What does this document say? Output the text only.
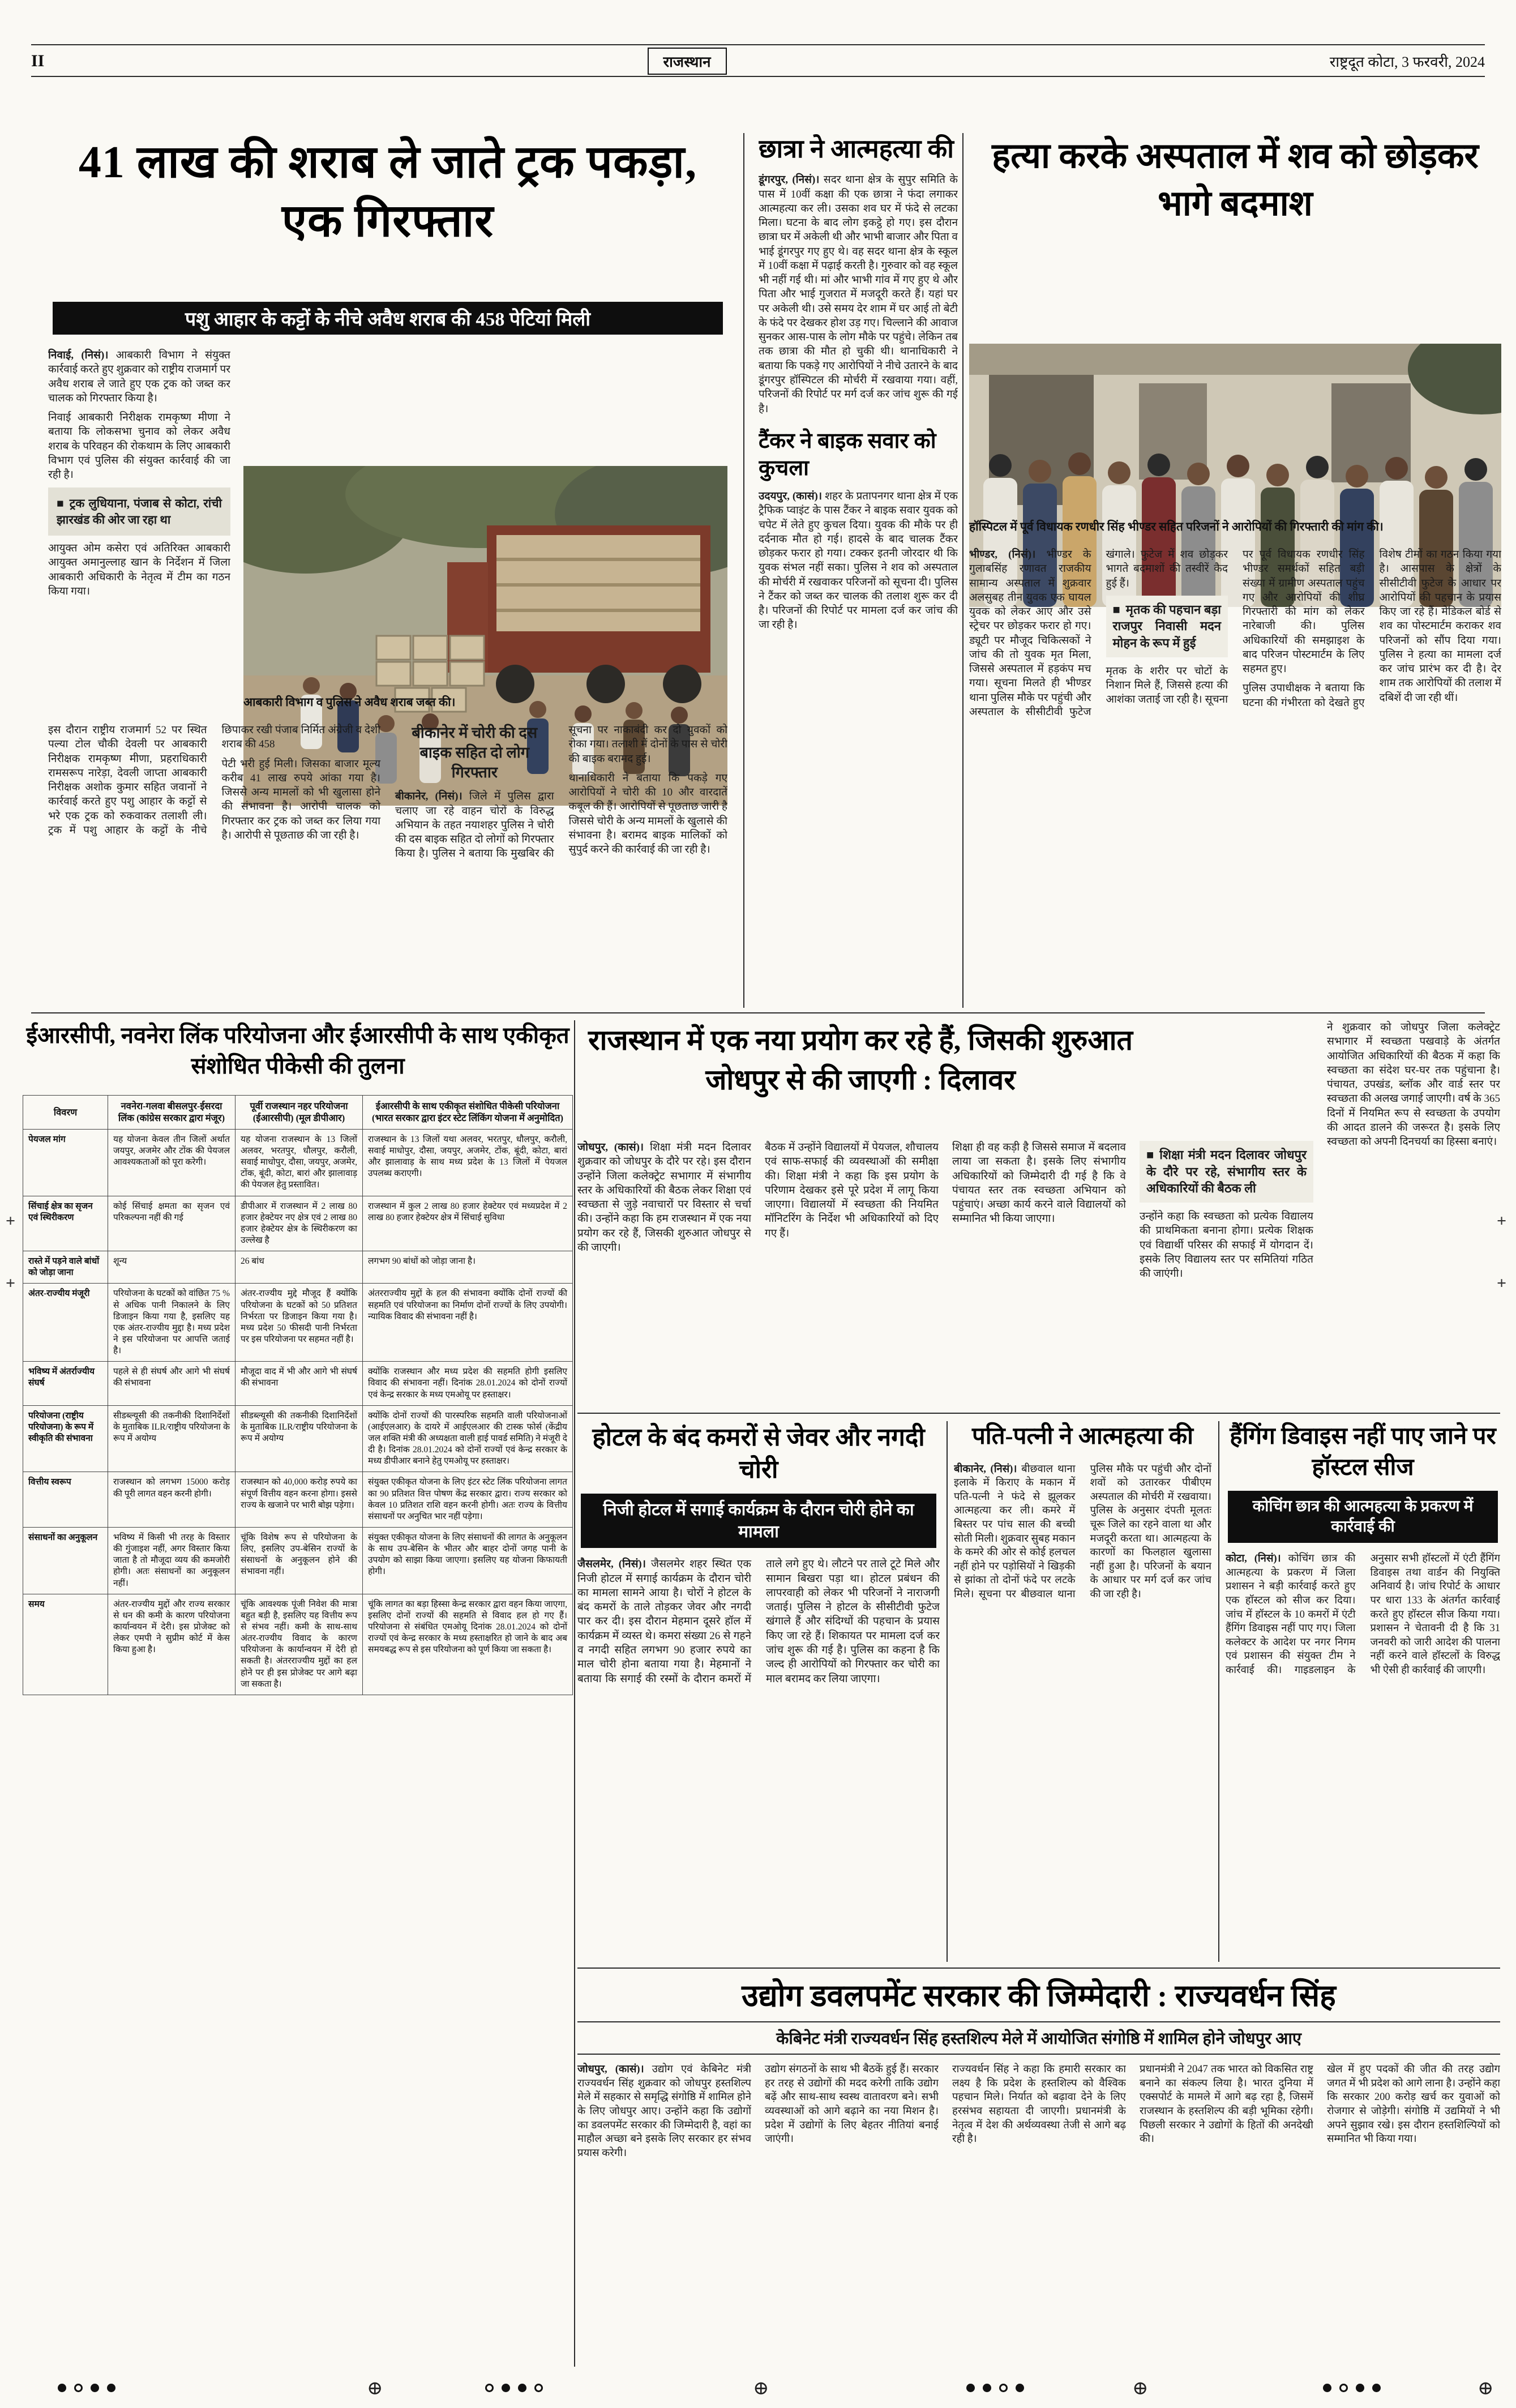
II	राजस्थान	राष्ट्रदूत कोटा, 3 फरवरी, 2024
41 लाख की शराब ले जाते ट्रक पकड़ा, एक गिरफ्तार
पशु आहार के कट्टों के नीचे अवैध शराब की 458 पेटियां मिली

निवाई, (निसं)। आबकारी विभाग ने संयुक्त कार्रवाई करते हुए शुक्रवार को राष्ट्रीय राजमार्ग पर अवैध शराब ले जाते हुए एक ट्रक को जब्त कर चालक को गिरफ्तार किया है।

निवाई आबकारी निरीक्षक रामकृष्ण मीणा ने बताया कि लोकसभा चुनाव को लेकर अवैध शराब के परिवहन की रोकथाम के लिए आबकारी विभाग एवं पुलिस की संयुक्त कार्रवाई की जा रही है।

■ ट्रक लुधियाना, पंजाब से कोटा, रांची झारखंड की ओर जा रहा था

आयुक्त ओम कसेरा एवं अतिरिक्त आबकारी आयुक्त अमानुल्लाह खान के निर्देशन में जिला आबकारी अधिकारी के नेतृत्व में टीम का गठन किया गया।

आबकारी विभाग व पुलिस ने अवैध शराब जब्त की।

इस दौरान राष्ट्रीय राजमार्ग 52 पर स्थित पल्या टोल चौकी देवली पर आबकारी निरीक्षक रामकृष्ण मीणा, प्रहराधिकारी रामसरूप नारेड़ा, देवली जाप्ता आबकारी निरीक्षक अशोक कुमार सहित जवानों ने कार्रवाई करते हुए पशु आहार के कट्टों से भरे एक ट्रक को रुकवाकर तलाशी ली। ट्रक में पशु आहार के कट्टों के नीचे छिपाकर रखी पंजाब निर्मित अंग्रेजी व देशी शराब की 458

पेटी भरी हुई मिली। जिसका बाजार मूल्य करीब 41 लाख रुपये आंका गया है। जिससे अन्य मामलों को भी खुलासा होने की संभावना है। आरोपी चालक को गिरफ्तार कर ट्रक को जब्त कर लिया गया है। आरोपी से पूछताछ की जा रही है।

बीकानेर में चोरी की दस बाइक सहित दो लोग गिरफ्तार

बीकानेर, (निसं)। जिले में पुलिस द्वारा चलाए जा रहे वाहन चोरों के विरुद्ध अभियान के तहत नयाशहर पुलिस ने चोरी की दस बाइक सहित दो लोगों को गिरफ्तार किया है। पुलिस ने बताया कि मुखबिर की सूचना पर नाकाबंदी कर दो युवकों को रोका गया। तलाशी में दोनों के पास से चोरी की बाइक बरामद हुई।

थानाधिकारी ने बताया कि पकड़े गए आरोपियों ने चोरी की 10 और वारदातें कबूल की हैं। आरोपियों से पूछताछ जारी है जिससे चोरी के अन्य मामलों के खुलासे की संभावना है। बरामद बाइक मालिकों को सुपुर्द करने की कार्रवाई की जा रही है।

छात्रा ने आत्महत्या की

डूंगरपुर, (निसं)। सदर थाना क्षेत्र के सुपुर समिति के पास में 10वीं कक्षा की एक छात्रा ने फंदा लगाकर आत्महत्या कर ली। उसका शव घर में फंदे से लटका मिला। घटना के बाद लोग इकट्ठे हो गए। इस दौरान छात्रा घर में अकेली थी और भाभी बाजार और पिता व भाई डूंगरपुर गए हुए थे। वह सदर थाना क्षेत्र के स्कूल में 10वीं कक्षा में पढ़ाई करती है। गुरुवार को वह स्कूल भी नहीं गई थी। मां और भाभी गांव में गए हुए थे और पिता और भाई गुजरात में मजदूरी करते हैं। यहां घर पर अकेली थी। उसे समय देर शाम में घर आई तो बेटी के फंदे पर देखकर होश उड़ गए। चिल्लाने की आवाज सुनकर आस-पास के लोग मौके पर पहुंचे। लेकिन तब तक छात्रा की मौत हो चुकी थी। थानाधिकारी ने बताया कि पकड़े गए आरोपियों ने नीचे उतारने के बाद डूंगरपुर हॉस्पिटल की मोर्चरी में रखवाया गया। वहीं, परिजनों की रिपोर्ट पर मर्ग दर्ज कर जांच शुरू की गई है।

टैंकर ने बाइक सवार को कुचला

उदयपुर, (कासं)। शहर के प्रतापनगर थाना क्षेत्र में एक ट्रैफिक प्वाइंट के पास टैंकर ने बाइक सवार युवक को चपेट में लेते हुए कुचल दिया। युवक की मौके पर ही दर्दनाक मौत हो गई। हादसे के बाद चालक टैंकर छोड़कर फरार हो गया। टक्कर इतनी जोरदार थी कि युवक संभल नहीं सका। पुलिस ने शव को अस्पताल की मोर्चरी में रखवाकर परिजनों को सूचना दी। पुलिस ने टैंकर को जब्त कर चालक की तलाश शुरू कर दी है। परिजनों की रिपोर्ट पर मामला दर्ज कर जांच की जा रही है।

हत्या करके अस्पताल में शव को छोड़कर भागे बदमाश
हॉस्पिटल में पूर्व विधायक रणधीर सिंह भीण्डर सहित परिजनों ने आरोपियों की गिरफ्तारी की मांग की।

भीण्डर, (निसं)। भीण्डर के गुलाबसिंह रणावत राजकीय सामान्य अस्पताल में शुक्रवार अलसुबह तीन युवक एक घायल युवक को लेकर आए और उसे स्ट्रेचर पर छोड़कर फरार हो गए। ड्यूटी पर मौजूद चिकित्सकों ने जांच की तो युवक मृत मिला, जिससे अस्पताल में हड़कंप मच गया। सूचना मिलते ही भीण्डर थाना पुलिस मौके पर पहुंची और अस्पताल के सीसीटीवी फुटेज खंगाले। फुटेज में शव छोड़कर भागते बदमाशों की तस्वीरें कैद हुई हैं।

■ मृतक की पहचान बड़ा राजपुर निवासी मदन मोहन के रूप में हुई

मृतक के शरीर पर चोटों के निशान मिले हैं, जिससे हत्या की आशंका जताई जा रही है। सूचना पर पूर्व विधायक रणधीर सिंह भीण्डर समर्थकों सहित बड़ी संख्या में ग्रामीण अस्पताल पहुंच गए और आरोपियों की शीघ्र गिरफ्तारी की मांग को लेकर नारेबाजी की। पुलिस अधिकारियों की समझाइश के बाद परिजन पोस्टमार्टम के लिए सहमत हुए।

पुलिस उपाधीक्षक ने बताया कि घटना की गंभीरता को देखते हुए विशेष टीमों का गठन किया गया है। आसपास के क्षेत्रों के सीसीटीवी फुटेज के आधार पर आरोपियों की पहचान के प्रयास किए जा रहे हैं। मेडिकल बोर्ड से शव का पोस्टमार्टम कराकर शव परिजनों को सौंप दिया गया। पुलिस ने हत्या का मामला दर्ज कर जांच प्रारंभ कर दी है। देर शाम तक आरोपियों की तलाश में दबिशें दी जा रही थीं।

ईआरसीपी, नवनेरा लिंक परियोजना और ईआरसीपी के साथ एकीकृत संशोधित पीकेसी की तुलना
विवरण	नवनेरा-गलवा बीसलपुर-ईसरदा लिंक (कांग्रेस सरकार द्वारा मंजूर)	पूर्वी राजस्थान नहर परियोजना (ईआरसीपी) (मूल डीपीआर)	ईआरसीपी के साथ एकीकृत संशोधित पीकेसी परियोजना (भारत सरकार द्वारा इंटर स्टेट लिंकिंग योजना में अनुमोदित)
पेयजल मांग	यह योजना केवल तीन जिलों अर्थात जयपुर, अजमेर और टोंक की पेयजल आवश्यकताओं को पूरा करेगी।	यह योजना राजस्थान के 13 जिलों अलवर, भरतपुर, धौलपुर, करौली, सवाई माधोपुर, दौसा, जयपुर, अजमेर, टोंक, बूंदी, कोटा, बारां और झालावाड़ की पेयजल हेतु प्रस्तावित।	राजस्थान के 13 जिलों यथा अलवर, भरतपुर, धौलपुर, करौली, सवाई माधोपुर, दौसा, जयपुर, अजमेर, टोंक, बूंदी, कोटा, बारां और झालावाड़ के साथ मध्य प्रदेश के 13 जिलों में पेयजल उपलब्ध कराएगी।
सिंचाई क्षेत्र का सृजन एवं स्थिरीकरण	कोई सिंचाई क्षमता का सृजन एवं परिकल्पना नहीं की गई	डीपीआर में राजस्थान में 2 लाख 80 हजार हेक्टेयर नए क्षेत्र एवं 2 लाख 80 हजार हेक्टेयर क्षेत्र के स्थिरीकरण का उल्लेख है	राजस्थान में कुल 2 लाख 80 हजार हेक्टेयर एवं मध्यप्रदेश में 2 लाख 80 हजार हेक्टेयर क्षेत्र में सिंचाई सुविधा
रास्ते में पड़ने वाले बांधों को जोड़ा जाना	शून्य	26 बांध	लगभग 90 बांधों को जोड़ा जाना है।
अंतर-राज्यीय मंजूरी	परियोजना के घटकों को वांछित 75 % से अधिक पानी निकालने के लिए डिजाइन किया गया है, इसलिए यह एक अंतर-राज्यीय मुद्दा है। मध्य प्रदेश ने इस परियोजना पर आपत्ति जताई है।	अंतर-राज्यीय मुद्दे मौजूद हैं क्योंकि परियोजना के घटकों को 50 प्रतिशत निर्भरता पर डिजाइन किया गया है। मध्य प्रदेश 50 फीसदी पानी निर्भरता पर इस परियोजना पर सहमत नहीं है।	अंतरराज्यीय मुद्दों के हल की संभावना क्योंकि दोनों राज्यों की सहमति एवं परियोजना का निर्माण दोनों राज्यों के लिए उपयोगी। न्यायिक विवाद की संभावना नहीं है।
भविष्य में अंतर्राज्यीय संघर्ष	पहले से ही संघर्ष और आगे भी संघर्ष की संभावना	मौजूदा वाद में भी और आगे भी संघर्ष की संभावना	क्योंकि राजस्थान और मध्य प्रदेश की सहमति होगी इसलिए विवाद की संभावना नहीं। दिनांक 28.01.2024 को दोनों राज्यों एवं केन्द्र सरकार के मध्य एमओयू पर हस्ताक्षर।
परियोजना (राष्ट्रीय परियोजना) के रूप में स्वीकृति की संभावना	सीडब्ल्यूसी की तकनीकी दिशानिर्देशों के मुताबिक ILR/राष्ट्रीय परियोजना के रूप में अयोग्य	सीडब्ल्यूसी की तकनीकी दिशानिर्देशों के मुताबिक ILR/राष्ट्रीय परियोजना के रूप में अयोग्य	क्योंकि दोनों राज्यों की पारस्परिक सहमति वाली परियोजनाओं (आईएलआर) के दायरे में आईएलआर की टास्क फोर्स (केंद्रीय जल शक्ति मंत्री की अध्यक्षता वाली हाई पावर्ड समिति) ने मंजूरी दे दी है। दिनांक 28.01.2024 को दोनों राज्यों एवं केन्द्र सरकार के मध्य डीपीआर बनाने हेतु एमओयू पर हस्ताक्षर।
वित्तीय स्वरूप	राजस्थान को लगभग 15000 करोड़ की पूरी लागत वहन करनी होगी।	राजस्थान को 40,000 करोड़ रुपये का संपूर्ण वित्तीय वहन करना होगा। इससे राज्य के खजाने पर भारी बोझ पड़ेगा।	संयुक्त एकीकृत योजना के लिए इंटर स्टेट लिंक परियोजना लागत का 90 प्रतिशत वित्त पोषण केंद्र सरकार द्वारा। राज्य सरकार को केवल 10 प्रतिशत राशि वहन करनी होगी। अतः राज्य के वित्तीय संसाधनों पर अनुचित भार नहीं पड़ेगा।
संसाधनों का अनुकूलन	भविष्य में किसी भी तरह के विस्तार की गुंजाइश नहीं, अगर विस्तार किया जाता है तो मौजूदा व्यय की कमजोरी होगी। अतः संसाधनों का अनुकूलन नहीं।	चूंकि विशेष रूप से परियोजना के लिए, इसलिए उप-बेसिन राज्यों के संसाधनों के अनुकूलन होने की संभावना नहीं।	संयुक्त एकीकृत योजना के लिए संसाधनों की लागत के अनुकूलन के साथ उप-बेसिन के भीतर और बाहर दोनों जगह पानी के उपयोग को साझा किया जाएगा। इसलिए यह योजना किफायती होगी।
समय	अंतर-राज्यीय मुद्दों और राज्य सरकार से धन की कमी के कारण परियोजना कार्यान्वयन में देरी। इस प्रोजेक्ट को लेकर एमपी ने सुप्रीम कोर्ट में केस किया हुआ है।	चूंकि आवश्यक पूंजी निवेश की मात्रा बहुत बड़ी है, इसलिए यह वित्तीय रूप से संभव नहीं। कमी के साथ-साथ अंतर-राज्यीय विवाद के कारण परियोजना के कार्यान्वयन में देरी हो सकती है। अंतरराज्यीय मुद्दों का हल होने पर ही इस प्रोजेक्ट पर आगे बढ़ा जा सकता है।	चूंकि लागत का बड़ा हिस्सा केन्द्र सरकार द्वारा वहन किया जाएगा, इसलिए दोनों राज्यों की सहमति से विवाद हल हो गए हैं। परियोजना से संबंधित एमओयू दिनांक 28.01.2024 को दोनों राज्यों एवं केन्द्र सरकार के मध्य हस्ताक्षरित हो जाने के बाद अब समयबद्ध रूप से इस परियोजना को पूर्ण किया जा सकता है।
राजस्थान में एक नया प्रयोग कर रहे हैं, जिसकी शुरुआत जोधपुर से की जाएगी : दिलावर

जोधपुर, (कासं)। शिक्षा मंत्री मदन दिलावर शुक्रवार को जोधपुर के दौरे पर रहे। इस दौरान उन्होंने जिला कलेक्ट्रेट सभागार में संभागीय स्तर के अधिकारियों की बैठक लेकर शिक्षा एवं स्वच्छता से जुड़े नवाचारों पर विस्तार से चर्चा की। उन्होंने कहा कि हम राजस्थान में एक नया प्रयोग कर रहे हैं, जिसकी शुरुआत जोधपुर से की जाएगी।

बैठक में उन्होंने विद्यालयों में पेयजल, शौचालय एवं साफ-सफाई की व्यवस्थाओं की समीक्षा की। शिक्षा मंत्री ने कहा कि इस प्रयोग के परिणाम देखकर इसे पूरे प्रदेश में लागू किया जाएगा। विद्यालयों में स्वच्छता की नियमित मॉनिटरिंग के निर्देश भी अधिकारियों को दिए गए हैं।

शिक्षा ही वह कड़ी है जिससे समाज में बदलाव लाया जा सकता है। इसके लिए संभागीय अधिकारियों को जिम्मेदारी दी गई है कि वे पंचायत स्तर तक स्वच्छता अभियान को पहुंचाएं। अच्छा कार्य करने वाले विद्यालयों को सम्मानित भी किया जाएगा।

■ शिक्षा मंत्री मदन दिलावर जोधपुर के दौरे पर रहे, संभागीय स्तर के अधिकारियों की बैठक ली

उन्होंने कहा कि स्वच्छता को प्रत्येक विद्यालय की प्राथमिकता बनाना होगा। प्रत्येक शिक्षक एवं विद्यार्थी परिसर की सफाई में योगदान दें। इसके लिए विद्यालय स्तर पर समितियां गठित की जाएंगी।

ने शुक्रवार को जोधपुर जिला कलेक्ट्रेट सभागार में स्वच्छता पखवाड़े के अंतर्गत आयोजित अधिकारियों की बैठक में कहा कि स्वच्छता का संदेश घर-घर तक पहुंचाना है। पंचायत, उपखंड, ब्लॉक और वार्ड स्तर पर स्वच्छता की अलख जगाई जाएगी। वर्ष के 365 दिनों में नियमित रूप से स्वच्छता के उपयोग की आदत डालने की जरूरत है। इसके लिए स्वच्छता को अपनी दिनचर्या का हिस्सा बनाएं।

होटल के बंद कमरों से जेवर और नगदी चोरी
निजी होटल में सगाई कार्यक्रम के दौरान चोरी होने का मामला

जैसलमेर, (निसं)। जैसलमेर शहर स्थित एक निजी होटल में सगाई कार्यक्रम के दौरान चोरी का मामला सामने आया है। चोरों ने होटल के बंद कमरों के ताले तोड़कर जेवर और नगदी पार कर दी। इस दौरान मेहमान दूसरे हॉल में कार्यक्रम में व्यस्त थे। कमरा संख्या 26 से गहने व नगदी सहित लगभग 90 हजार रुपये का माल चोरी होना बताया गया है। मेहमानों ने बताया कि सगाई की रस्मों के दौरान कमरों में ताले लगे हुए थे। लौटने पर ताले टूटे मिले और सामान बिखरा पड़ा था। होटल प्रबंधन की लापरवाही को लेकर भी परिजनों ने नाराजगी जताई। पुलिस ने होटल के सीसीटीवी फुटेज खंगाले हैं और संदिग्धों की पहचान के प्रयास किए जा रहे हैं। शिकायत पर मामला दर्ज कर जांच शुरू की गई है। पुलिस का कहना है कि जल्द ही आरोपियों को गिरफ्तार कर चोरी का माल बरामद कर लिया जाएगा।

पति-पत्नी ने आत्महत्या की

बीकानेर, (निसं)। बीछवाल थाना इलाके में किराए के मकान में पति-पत्नी ने फंदे से झूलकर आत्महत्या कर ली। कमरे में बिस्तर पर पांच साल की बच्ची सोती मिली। शुक्रवार सुबह मकान के कमरे की ओर से कोई हलचल नहीं होने पर पड़ोसियों ने खिड़की से झांका तो दोनों फंदे पर लटके मिले। सूचना पर बीछवाल थाना पुलिस मौके पर पहुंची और दोनों शवों को उतारकर पीबीएम अस्पताल की मोर्चरी में रखवाया। पुलिस के अनुसार दंपती मूलतः चूरू जिले का रहने वाला था और मजदूरी करता था। आत्महत्या के कारणों का फिलहाल खुलासा नहीं हुआ है। परिजनों के बयान के आधार पर मर्ग दर्ज कर जांच की जा रही है।

हैंगिंग डिवाइस नहीं पाए जाने पर हॉस्टल सीज
कोचिंग छात्र की आत्महत्या के प्रकरण में कार्रवाई की

कोटा, (निसं)। कोचिंग छात्र की आत्महत्या के प्रकरण में जिला प्रशासन ने बड़ी कार्रवाई करते हुए एक हॉस्टल को सीज कर दिया। जांच में हॉस्टल के 10 कमरों में एंटी हैंगिंग डिवाइस नहीं पाए गए। जिला कलेक्टर के आदेश पर नगर निगम एवं प्रशासन की संयुक्त टीम ने कार्रवाई की। गाइडलाइन के अनुसार सभी हॉस्टलों में एंटी हैंगिंग डिवाइस तथा वार्डन की नियुक्ति अनिवार्य है। जांच रिपोर्ट के आधार पर धारा 133 के अंतर्गत कार्रवाई करते हुए हॉस्टल सीज किया गया। प्रशासन ने चेतावनी दी है कि 31 जनवरी को जारी आदेश की पालना नहीं करने वाले हॉस्टलों के विरुद्ध भी ऐसी ही कार्रवाई की जाएगी।

उद्योग डवलपमेंट सरकार की जिम्मेदारी : राज्यवर्धन सिंह
केबिनेट मंत्री राज्यवर्धन सिंह हस्तशिल्प मेले में आयोजित संगोष्ठि में शामिल होने जोधपुर आए

जोधपुर, (कासं)। उद्योग एवं केबिनेट मंत्री राज्यवर्धन सिंह शुक्रवार को जोधपुर हस्तशिल्प मेले में सहकार से समृद्धि संगोष्ठि में शामिल होने के लिए जोधपुर आए। उन्होंने कहा कि उद्योगों का डवलपमेंट सरकार की जिम्मेदारी है, वहां का माहौल अच्छा बने इसके लिए सरकार हर संभव प्रयास करेगी।

उद्योग संगठनों के साथ भी बैठकें हुई हैं। सरकार हर तरह से उद्योगों की मदद करेगी ताकि उद्योग बढ़ें और साथ-साथ स्वस्थ वातावरण बने। सभी व्यवस्थाओं को आगे बढ़ाने का नया मिशन है। प्रदेश में उद्योगों के लिए बेहतर नीतियां बनाई जाएंगी।

राज्यवर्धन सिंह ने कहा कि हमारी सरकार का लक्ष्य है कि प्रदेश के हस्तशिल्प को वैश्विक पहचान मिले। निर्यात को बढ़ावा देने के लिए हरसंभव सहायता दी जाएगी। प्रधानमंत्री के नेतृत्व में देश की अर्थव्यवस्था तेजी से आगे बढ़ रही है।

प्रधानमंत्री ने 2047 तक भारत को विकसित राष्ट्र बनाने का संकल्प लिया है। भारत दुनिया में एक्सपोर्ट के मामले में आगे बढ़ रहा है, जिसमें राजस्थान के हस्तशिल्प की बड़ी भूमिका रहेगी। पिछली सरकार ने उद्योगों के हितों की अनदेखी की।

खेल में हुए पदकों की जीत की तरह उद्योग जगत में भी प्रदेश को आगे लाना है। उन्होंने कहा कि सरकार 200 करोड़ खर्च कर युवाओं को रोजगार से जोड़ेगी। संगोष्ठि में उद्यमियों ने भी अपने सुझाव रखे। इस दौरान हस्तशिल्पियों को सम्मानित भी किया गया।

+
+
+
+
⊕	⊕	⊕	⊕
